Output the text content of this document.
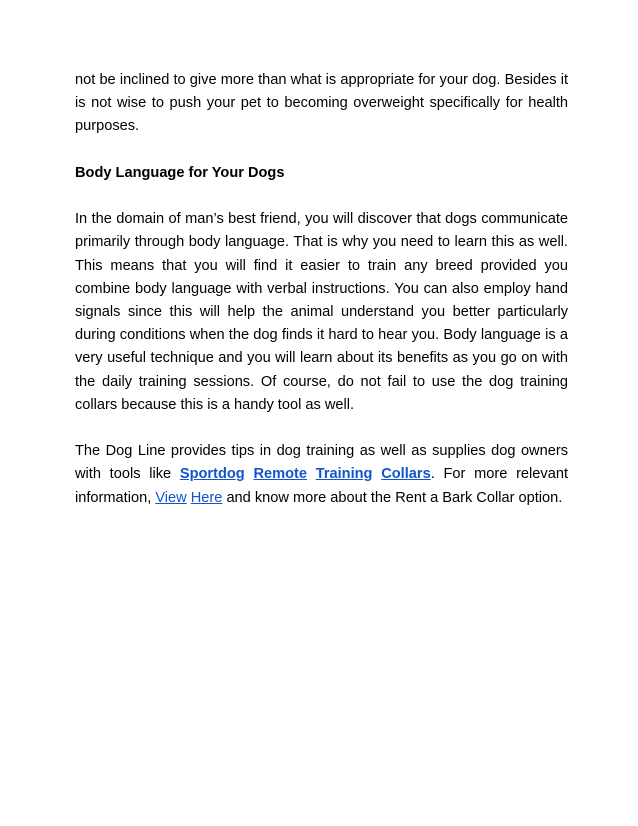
not be inclined to give more than what is appropriate for your dog. Besides it is not wise to push your pet to becoming overweight specifically for health purposes.

Body Language for Your Dogs

In the domain of man’s best friend, you will discover that dogs communicate primarily through body language. That is why you need to learn this as well. This means that you will find it easier to train any breed provided you combine body language with verbal instructions. You can also employ hand signals since this will help the animal understand you better particularly during conditions when the dog finds it hard to hear you. Body language is a very useful technique and you will learn about its benefits as you go on with the daily training sessions. Of course, do not fail to use the dog training collars because this is a handy tool as well.

The Dog Line provides tips in dog training as well as supplies dog owners with tools like Sportdog Remote Training Collars. For more relevant information, View Here and know more about the Rent a Bark Collar option.
